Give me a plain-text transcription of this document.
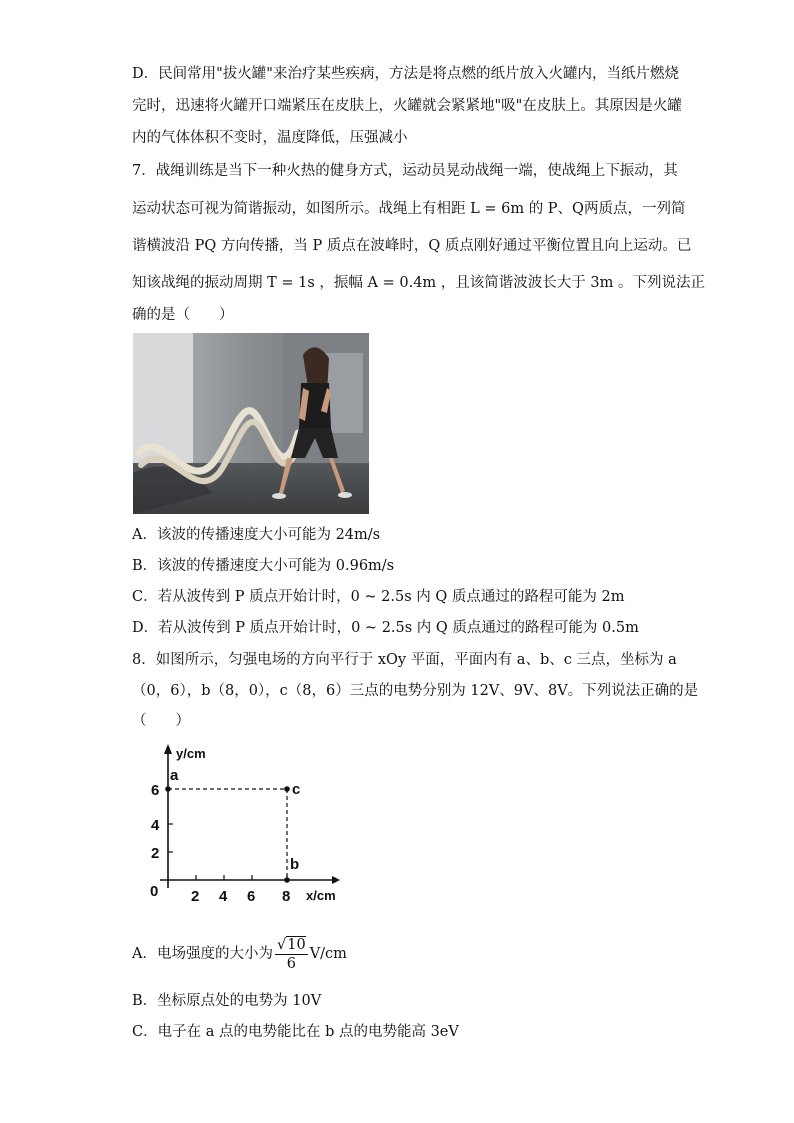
D．民间常用"拔火罐"来治疗某些疾病，方法是将点燃的纸片放入火罐内，当纸片燃烧
完时，迅速将火罐开口端紧压在皮肤上，火罐就会紧紧地"吸"在皮肤上。其原因是火罐
内的气体体积不变时，温度降低，压强减小
7．战绳训练是当下一种火热的健身方式，运动员晃动战绳一端，使战绳上下振动，其
运动状态可视为简谐振动，如图所示。战绳上有相距 L = 6m 的 P、Q两质点，一列简
谐横波沿 PQ 方向传播，当 P 质点在波峰时，Q 质点刚好通过平衡位置且向上运动。已
知该战绳的振动周期 T = 1s ，振幅 A = 0.4m ，且该简谐波波长大于 3m 。下列说法正
确的是（　　）
A．该波的传播速度大小可能为 24m/s
B．该波的传播速度大小可能为 0.96m/s
C．若从波传到 P 质点开始计时，0 ~ 2.5s 内 Q 质点通过的路程可能为 2m
D．若从波传到 P 质点开始计时，0 ~ 2.5s 内 Q 质点通过的路程可能为 0.5m
8．如图所示，匀强电场的方向平行于 xOy 平面，平面内有 a、b、c 三点，坐标为 a
（0，6），b（8，0），c（8，6）三点的电势分别为 12V、9V、8V。下列说法正确的是
（　　）
y/cm
x/cm
0 2 4 6 8
2
4
6
a
c
b
A．电场强度的大小为 $\frac{√10}{6} V/cm$
B．坐标原点处的电势为 10V
C．电子在 a 点的电势能比在 b 点的电势能高 3eV
